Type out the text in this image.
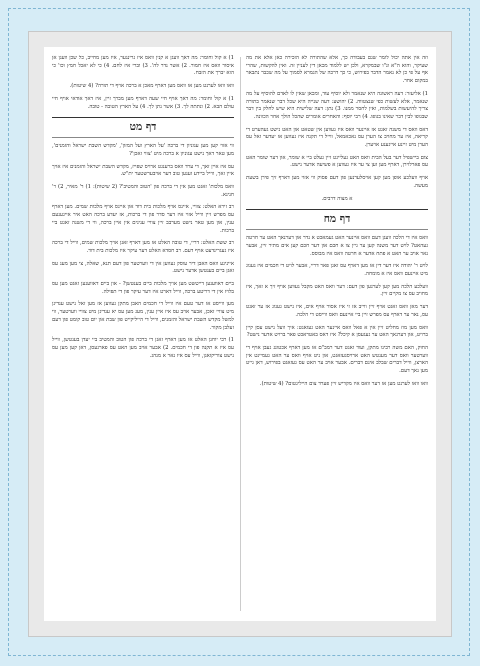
וזה אין אתה יכול לומר שגם בעבודה כך, אלא שהתורה לא הזכירה כאן אלא את מה שעיקר, והוא ה"א ונ"ו שבמקרא, ולכן יש ללמוד מכאן דין לעניין זה. ואין להקשות, שהרי אף על פי כן לא נאמר הדבר בפירוש, כי כך דרכה של הגמרא לסמוך על מה שכבר נתבאר במקום אחר.

1) אליעזר: דעה ראשונה היא שנאמר ולא יוסיף עוד, ומכאן שאין לו לאדם להוסיף על מה שנאמר, אלא לעשות כפי שנצטווה. 2) יהושע: דעה שנייה היא שכל דבר שנאמר בתורה צריך להיעשות בשלמות, ואין לחסר ממנו. 3) נתן: דעה שלישית היא שיש לחלק בין דבר שבגופו לבין דבר שאינו בגופו. 4) רבי יוסף: והאחרים אומרים שהכל הולך אחר הכוונה.

דאס וואס די משנה זאגט אז איינער וואס איז געווען אין שטאט און האט נישט געהערט די קריאה, איז ער מחויב צו הערן עס נאכאמאל, ווייל די תקנה איז געווען אז יעדער זאל עס הערן מיט זיינע אייגענע אויערן.

צום ביישפיל דער בעל הבית וואס האט געלייגט זיין געלט ביי א שומר, און דער שומר האט עס פארלוירן, דארף מען זען צי ער איז געווען א פשיעה אדער נישט.

אויף וועלכע אופן מען קען אויסלערנען פון דעם פסוק ווי אזוי מען דארף זיך פירן בשעת מעשה.

א מצוה דרבים.

דף מח

וואס איז די הלכה וועגן דעם וואס איינער האט געמאכט א נדר און דערנאך האט ער חרטה געהאט? לויט דער משנה קען ער גיין צו א חכם און דער חכם קען אים מתיר זיין, אבער נאר אויב ער האט א פתח אדער א חרטה וואס איז מבוסס.

לויט ר' יהודה איז דער דין אז מען דארף עס זאגן פאר דריי, אבער לויט די חכמים איז גענוג מיט איינעם וואס איז א מומחה.

וועלכע הלכה מען קען לערנען פון דעם: דער וואס האט מקבל געווען אויף זיך א זאך, איז מחויב עס צו מקיים זיין.

דער מאן וואס זאגט אויף זיין ווייב אז זי איז אסור אויף אים, איז נישט גענוג אז ער זאגט עס, נאר ער דארף עס מפרש זיין ביי איינעם וואס ווייסט די הלכה.

וואס מען מוז מחליט זיין אין א פאל וואס איינער האט געזאגט: איך וועל נישט עסן קיין ברויט, און דערנאך האט ער געגעסן א קיכל? איז דאס באטראכט פאר ברויט אדער נישט?

החוק, האם משה רבינו מתקן, ועוד זאגט דער רמב"ם אז מען דארף אכטונג געבן אויף די ווערטער וואס דער מענטש האט ארויסגעזאגט, און ניט אויף וואס ער האט געמיינט אין הארצן, ווייל דברים שבלב אינם דברים. אבער אויב ער האט עס געזאגט בפירוש, דאן גייט מען נאך דעם.

וואו וואו לערנט מען אז דער וואס איז מקדיש זיין פערד צום הייליגטום? (4 שיטות).

1) א קול וחומר: מה דאך וועגן א קנין וואס איז גרינגער, איז מען מחייב, כל שכן וועגן אן איסור וואס איז חמור. 2) אשר נדר לה'. 3) וברי איז לחם. 4) כי לא יאכל חמץ וכו' כי הוא יברך את הזבח.

וואו וואו לערנט מען אז וואס מען דארף מאכן א ברכה אויף די תורה? (4 שיטות).

1) א קול וחומר: מה דאך אויף חיי שעה דארף מען מברך זיין, איז דאך אודאי אויף חיי עולם הבא. 2) ונתתה לך. 3) אשר נתן לך. 4) על הארץ הטובה - טובה.

דף מט

ווי אזוי קען מען עגוניון די ברכה 'על הארץ ועל המזון', 'מקדש השבת ישראל והזמנים', מען טאר דאך נישט עגוניון א ברכה מיט 'צווי זאכן'?

עס איז איין זאך, די ערד וואס ברענגט ארויס שפייז, מקדש השבת ישראל והזמנים איז אויך איין זאך, ווייל ביידע זענען טוב דער אויבערשטער ית"ש.

וואס מלכות' זאגט מען אין די ברכה פון 'הטוב והמטיב'? (2 שיטות): 1) ר' מאיר, 2) ר' חנינא.

רב זירא האלט: צוויי, איינס אויף מלכות בית דוד און איינס אויף מלכות שמים. מען דארף עס מפרש זיין ווייל אזוי איז דער סדר פון די ברכות, אז יעדע ברכה האט איר אייגענעם ענין, און מען טאר נישט מערבב זיין צוויי ענינים אין איין ברכה, ווי די משנה זאגט ביי ברכות.

רב ששת האלט: דריי, די טובה האלט אז מען דארף זאגן אויך מלכות שמים, ווייל די ברכה איז געגרינדעט אויף דעם. רב חסדא האלט דער עיקר איז מלכות בית דוד.

אייניגע וואס האבן דיר עוסק געווען אין די ווערטער פון דעם תנא, שאלה, צי מען מעג עס זאגן ביים בענטשן אדער נישט.

ביים דאווענען דייטשט מען אויך מלכות ביים בענטשן? - און ביים דאווענען זאגט מען עס בלויז אין די דריטע ברכה, ווייל דארט איז דער עיקר פון די תפילה.

מען ווייסט אז דער טעם איז ווייל די חכמים האבן מתקן געווען אז מען זאל נישט ענדיגן מיט צוויי זאכן, אבער אויב עס איז איין ענין, מעג מען עס יא ענדיגן מיט צוויי ווערטער, ווי למשל מקדש השבת ישראל והזמנים, ווייל די הייליקייט פון שבת און יום טוב קומט פון דעם זעלבן מקור.

1) רבי יוחנן האלט אז מען דארף זאגן די ברכה פון הטוב והמטיב ביי יעדן בענטשן, ווייל עס איז א תקנה פון די חכמים. 2) אבער אויב מען האט עס פארגעסן, דאן קען מען עס נישט צוריקזאגן, ווייל עס איז נאר א מנהג.
